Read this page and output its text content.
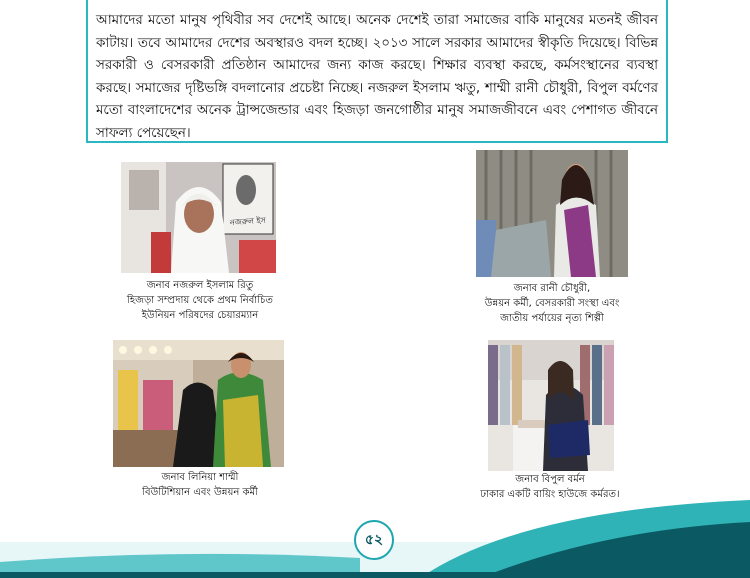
আমাদের মতো মানুষ পৃথিবীর সব দেশেই আছে। অনেক দেশেই তারা সমাজের বাকি মানুষের মতনই জীবন কাটায়। তবে আমাদের দেশের অবস্থারও বদল হচ্ছে। ২০১৩ সালে সরকার আমাদের স্বীকৃতি দিয়েছে। বিভিন্ন সরকারী ও বেসরকারী প্রতিষ্ঠান আমাদের জন্য কাজ করছে। শিক্ষার ব্যবস্থা করছে, কর্মসংস্থানের ব্যবস্থা করছে। সমাজের দৃষ্টিভঙ্গি বদলানোর প্রচেষ্টা নিচ্ছে। নজরুল ইসলাম ঋতু, শাম্মী রানী চৌধুরী, বিপুল বর্মণের মতো বাংলাদেশের অনেক ট্রান্সজেন্ডার এবং হিজড়া জনগোষ্ঠীর মানুষ সমাজজীবনে এবং পেশাগত জীবনে সাফল্য পেয়েছেন।

নজরুল ইস
জনাব নজরুল ইসলাম রিতু
হিজড়া সম্প্রদায় থেকে প্রথম নির্বাচিত
ইউনিয়ন পরিষদের চেয়ারম্যান
জনাব রানী চৌধুরী,
উন্নয়ন কর্মী, বেসরকারী সংস্থা এবং
জাতীয় পর্যায়ের নৃত্য শিল্পী
জনাব লিনিয়া শাম্মী
বিউটিশিয়ান এবং উন্নয়ন কর্মী
জনাব বিপুল বর্মন
ঢাকার একটি বায়িং হাউজে কর্মরত।
৫২
